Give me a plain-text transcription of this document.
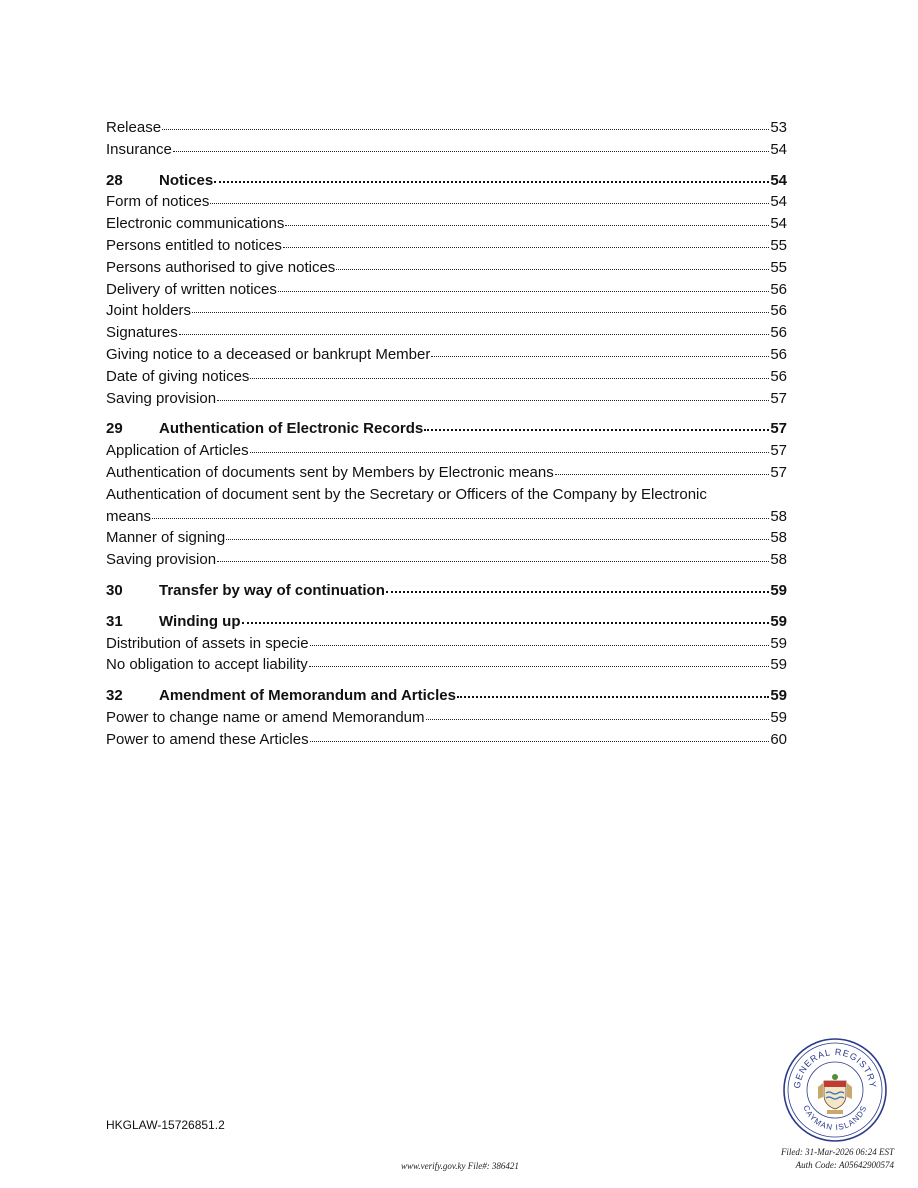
Release	53
Insurance	54
28	Notices	54
Form of notices	54
Electronic communications	54
Persons entitled to notices	55
Persons authorised to give notices	55
Delivery of written notices	56
Joint holders	56
Signatures	56
Giving notice to a deceased or bankrupt Member	56
Date of giving notices	56
Saving provision	57
29	Authentication of Electronic Records	57
Application of Articles	57
Authentication of documents sent by Members by Electronic means	57
Authentication of document sent by the Secretary or Officers of the Company by Electronic
means	58
Manner of signing	58
Saving provision	58
30	Transfer by way of continuation	59
31	Winding up	59
Distribution of assets in specie	59
No obligation to accept liability	59
32	Amendment of Memorandum and Articles	59
Power to change name or amend Memorandum	59
Power to amend these Articles	60
HKGLAW-15726851.2
GENERAL REGISTRY
CAYMAN ISLANDS
Filed: 31-Mar-2026 06:24 EST
Auth Code: A05642900574
www.verify.gov.ky File#: 386421
